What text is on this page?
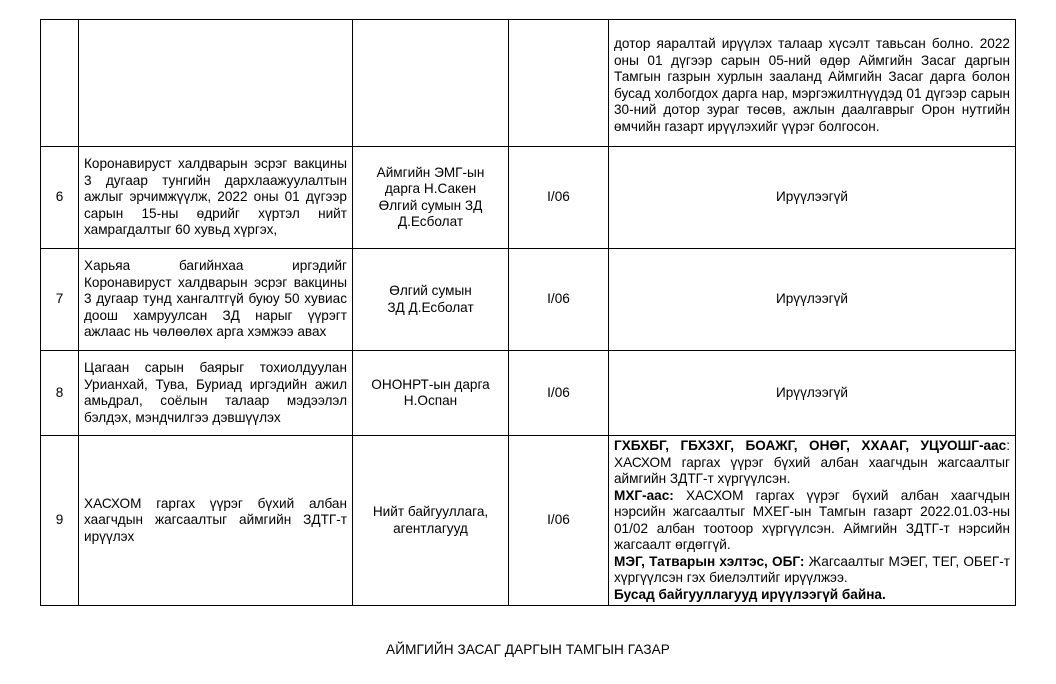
				дотор яаралтай ирүүлэх талаар хүсэлт тавьсан болно. 2022 оны 01 дүгээр сарын 05-ний өдөр Аймгийн Засаг даргын Тамгын газрын хурлын зааланд Аймгийн Засаг дарга болон бусад холбогдох дарга нар, мэргэжилтнүүдэд 01 дүгээр сарын 30-ний дотор зураг төсөв, ажлын даалгаврыг Орон нутгийн өмчийн газарт ирүүлэхийг үүрэг болгосон.
6	Коронавируст халдварын эсрэг вакцины 3 дугаар тунгийн дархлаажуулалтын ажлыг эрчимжүүлж, 2022 оны 01 дүгээр сарын 15-ны өдрийг хүртэл нийт хамрагдалтыг 60 хувьд хүргэх,	Аймгийн ЭМГ-ын дарга Н.Сакен Өлгий сумын ЗД Д.Есболат	I/06	Ирүүлээгүй
7	Харьяа багийнхаа иргэдийг Коронавируст халдварын эсрэг вакцины 3 дугаар тунд хангалтгүй буюу 50 хувиас доош хамруулсан ЗД нарыг үүрэгт ажлаас нь чөлөөлөх арга хэмжээ авах	Өлгий сумын ЗД Д.Есболат	I/06	Ирүүлээгүй
8	Цагаан сарын баярыг тохиолдуулан Урианхай, Тува, Буриад иргэдийн ажил амьдрал, соёлын талаар мэдээлэл бэлдэх, мэндчилгээ дэвшүүлэх	ОНОНРТ-ын дарга Н.Оспан	I/06	Ирүүлээгүй
9	ХАСХОМ гаргах үүрэг бүхий албан хаагчдын жагсаалтыг аймгийн ЗДТГ-т ирүүлэх	Нийт байгууллага, агентлагууд	I/06	ГХБХБГ, ГБХЗХГ, БОАЖГ, ОНӨГ, ХХААГ, УЦУОШГ-аас: ХАСХОМ гаргах үүрэг бүхий албан хаагчдын жагсаалтыг аймгийн ЗДТГ-т хүргүүлсэн.

МХГ-аас: ХАСХОМ гаргах үүрэг бүхий албан хаагчдын нэрсийн жагсаалтыг МХЕГ-ын Тамгын газарт 2022.01.03-ны 01/02 албан тоотоор хүргүүлсэн. Аймгийн ЗДТГ-т нэрсийн жагсаалт өгдөггүй.

МЭГ, Татварын хэлтэс, ОБГ: Жагсаалтыг МЭЕГ, ТЕГ, ОБЕГ-т хүргүүлсэн гэх биелэлтийг ирүүлжээ.

Бусад байгууллагууд ирүүлээгүй байна.

АЙМГИЙН ЗАСАГ ДАРГЫН ТАМГЫН ГАЗАР
